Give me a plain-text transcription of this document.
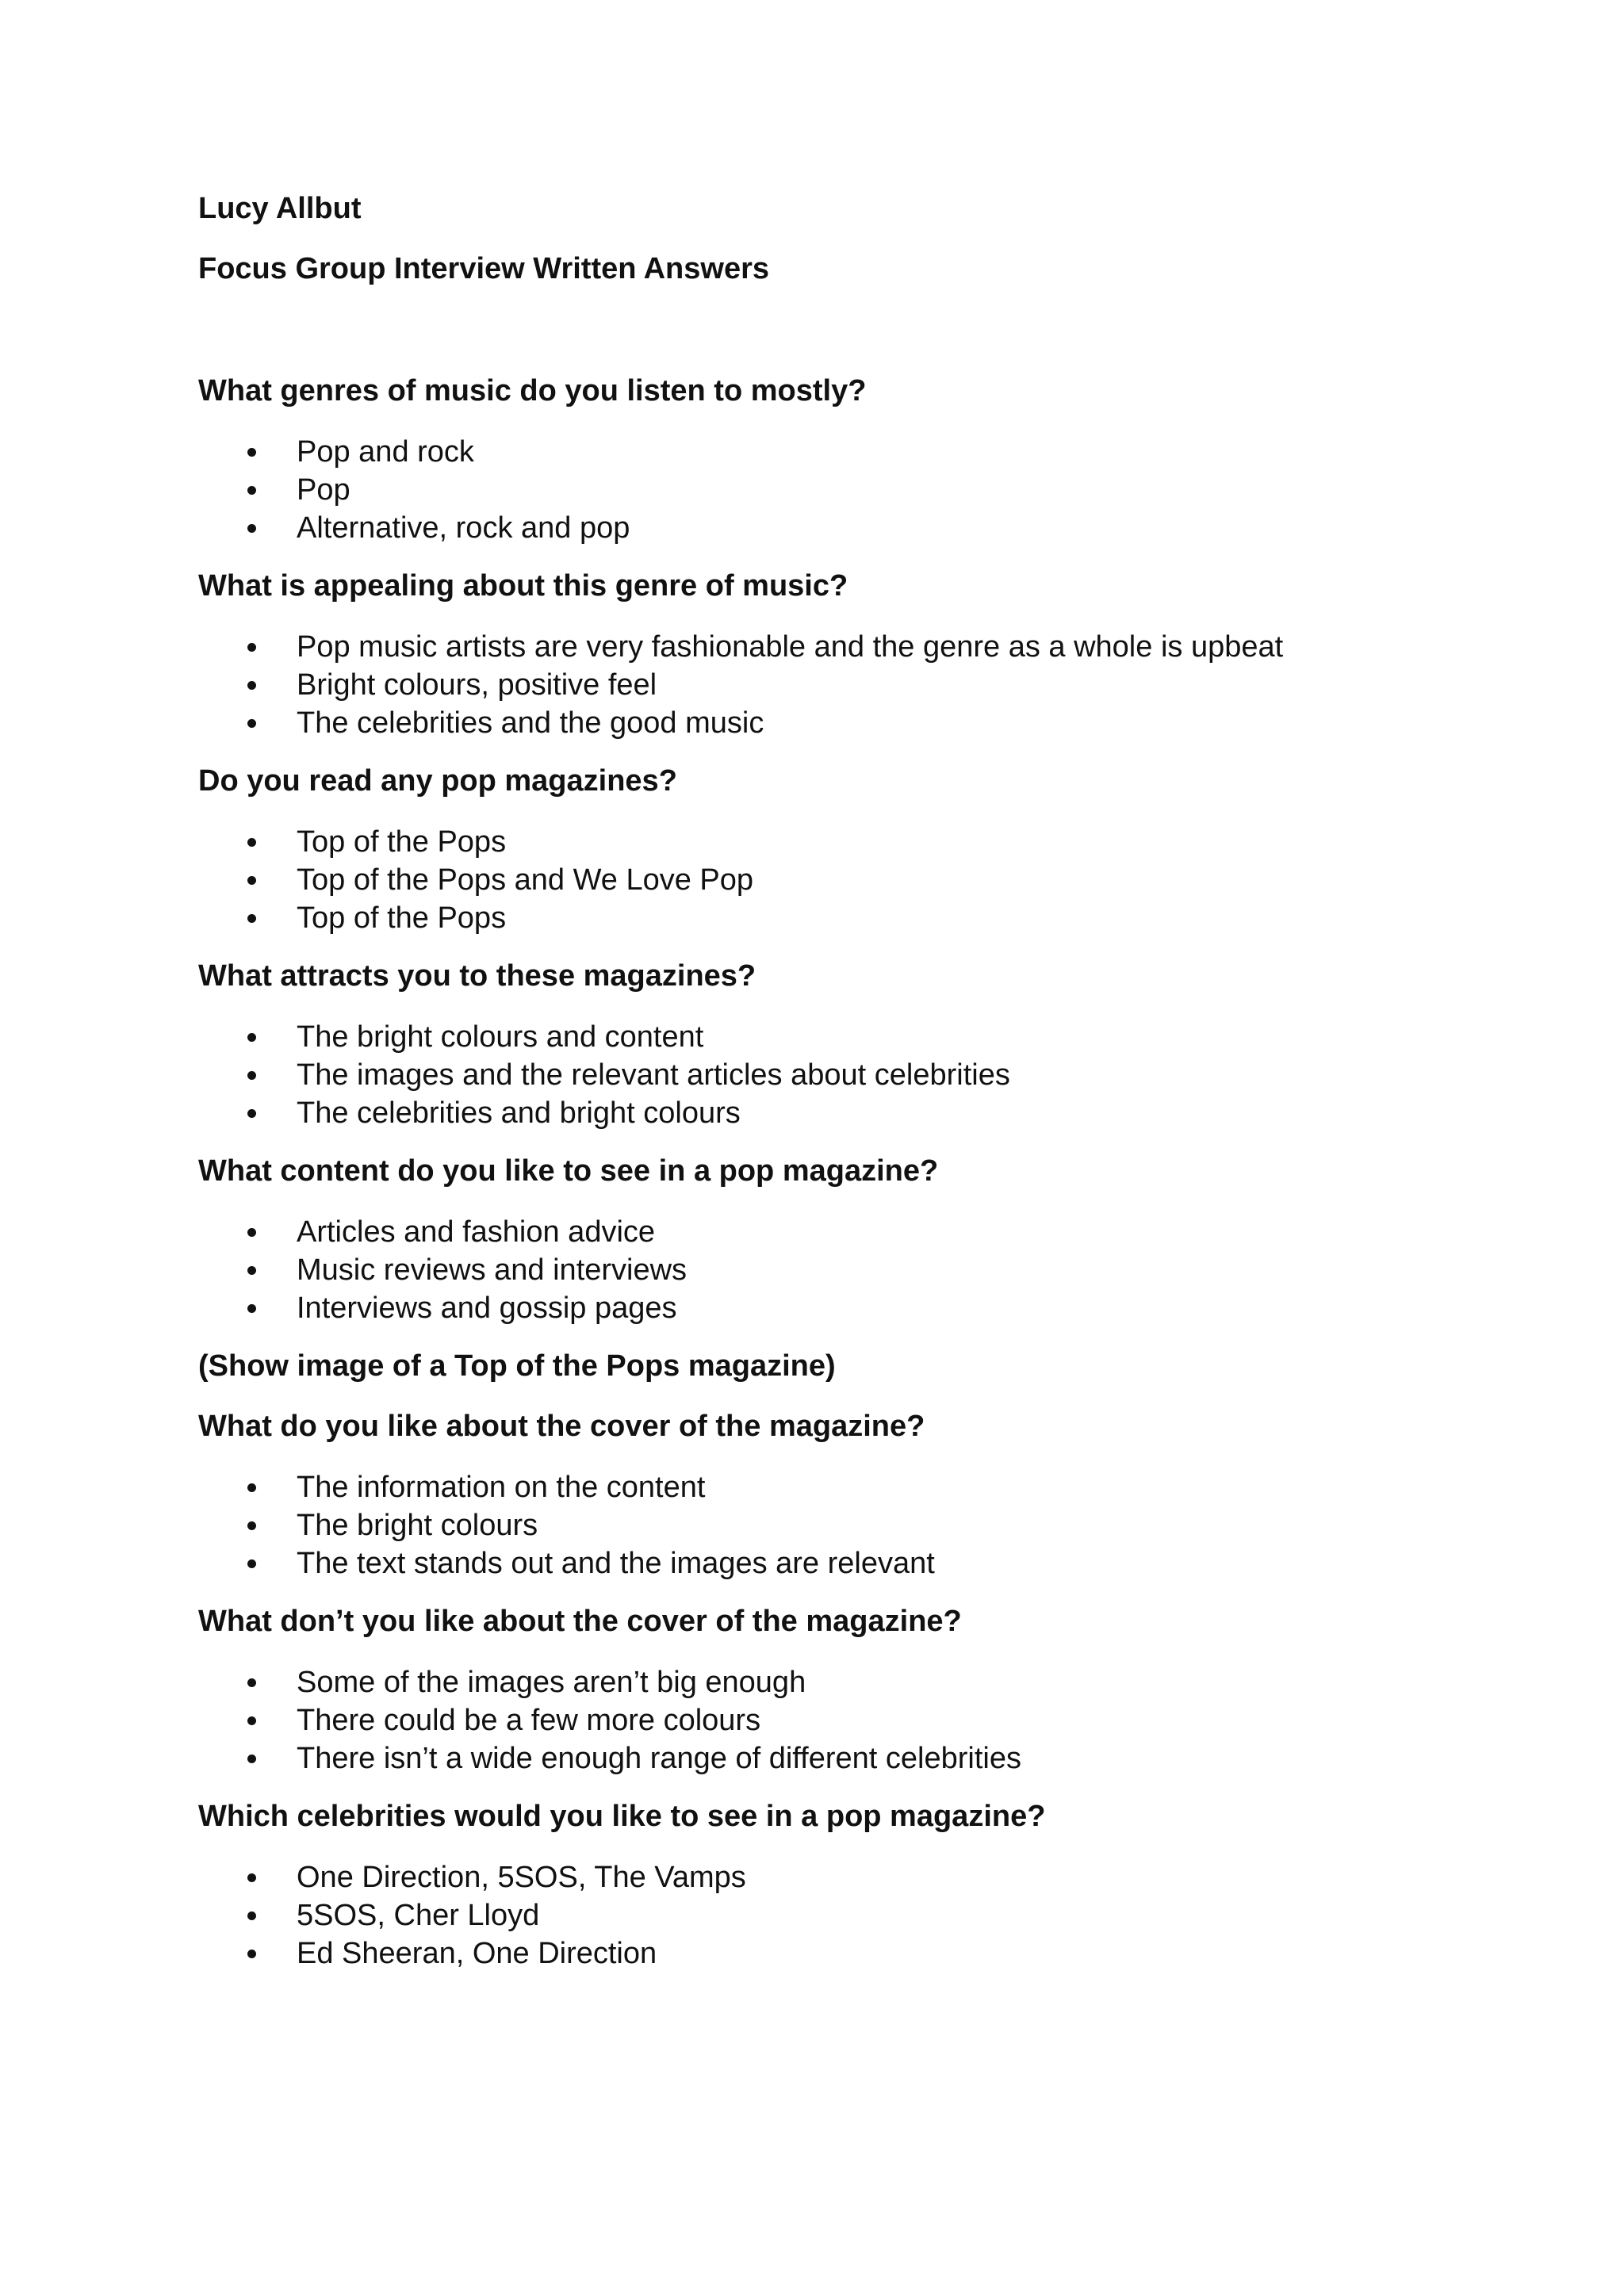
Lucy Allbut

Focus Group Interview Written Answers

What genres of music do you listen to mostly?

Pop and rock
Pop
Alternative, rock and pop

What is appealing about this genre of music?

Pop music artists are very fashionable and the genre as a whole is upbeat
Bright colours, positive feel
The celebrities and the good music

Do you read any pop magazines?

Top of the Pops
Top of the Pops and We Love Pop
Top of the Pops

What attracts you to these magazines?

The bright colours and content
The images and the relevant articles about celebrities
The celebrities and bright colours

What content do you like to see in a pop magazine?

Articles and fashion advice
Music reviews and interviews
Interviews and gossip pages

(Show image of a Top of the Pops magazine)

What do you like about the cover of the magazine?

The information on the content
The bright colours
The text stands out and the images are relevant

What don’t you like about the cover of the magazine?

Some of the images aren’t big enough
There could be a few more colours
There isn’t a wide enough range of different celebrities

Which celebrities would you like to see in a pop magazine?

One Direction, 5SOS, The Vamps
5SOS, Cher Lloyd
Ed Sheeran, One Direction
